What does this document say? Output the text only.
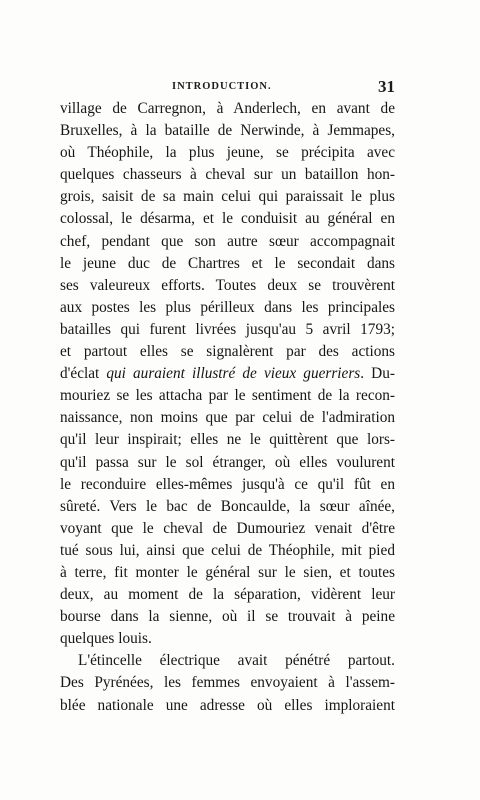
INTRODUCTION.	31
village de Carregnon, à Anderlech, en avant de
Bruxelles, à la bataille de Nerwinde, à Jemmapes,
où Théophile, la plus jeune, se précipita avec
quelques chasseurs à cheval sur un bataillon hon-
grois, saisit de sa main celui qui paraissait le plus
colossal, le désarma, et le conduisit au général en
chef, pendant que son autre sœur accompagnait
le jeune duc de Chartres et le secondait dans
ses valeureux efforts. Toutes deux se trouvèrent
aux postes les plus périlleux dans les principales
batailles qui furent livrées jusqu'au 5 avril 1793;
et partout elles se signalèrent par des actions
d'éclat qui auraient illustré de vieux guerriers. Du-
mouriez se les attacha par le sentiment de la recon-
naissance, non moins que par celui de l'admiration
qu'il leur inspirait; elles ne le quittèrent que lors-
qu'il passa sur le sol étranger, où elles voulurent
le reconduire elles-mêmes jusqu'à ce qu'il fût en
sûreté. Vers le bac de Boncaulde, la sœur aînée,
voyant que le cheval de Dumouriez venait d'être
tué sous lui, ainsi que celui de Théophile, mit pied
à terre, fit monter le général sur le sien, et toutes
deux, au moment de la séparation, vidèrent leur
bourse dans la sienne, où il se trouvait à peine
quelques louis.
L'étincelle électrique avait pénétré partout.
Des Pyrénées, les femmes envoyaient à l'assem-
blée nationale une adresse où elles imploraient
